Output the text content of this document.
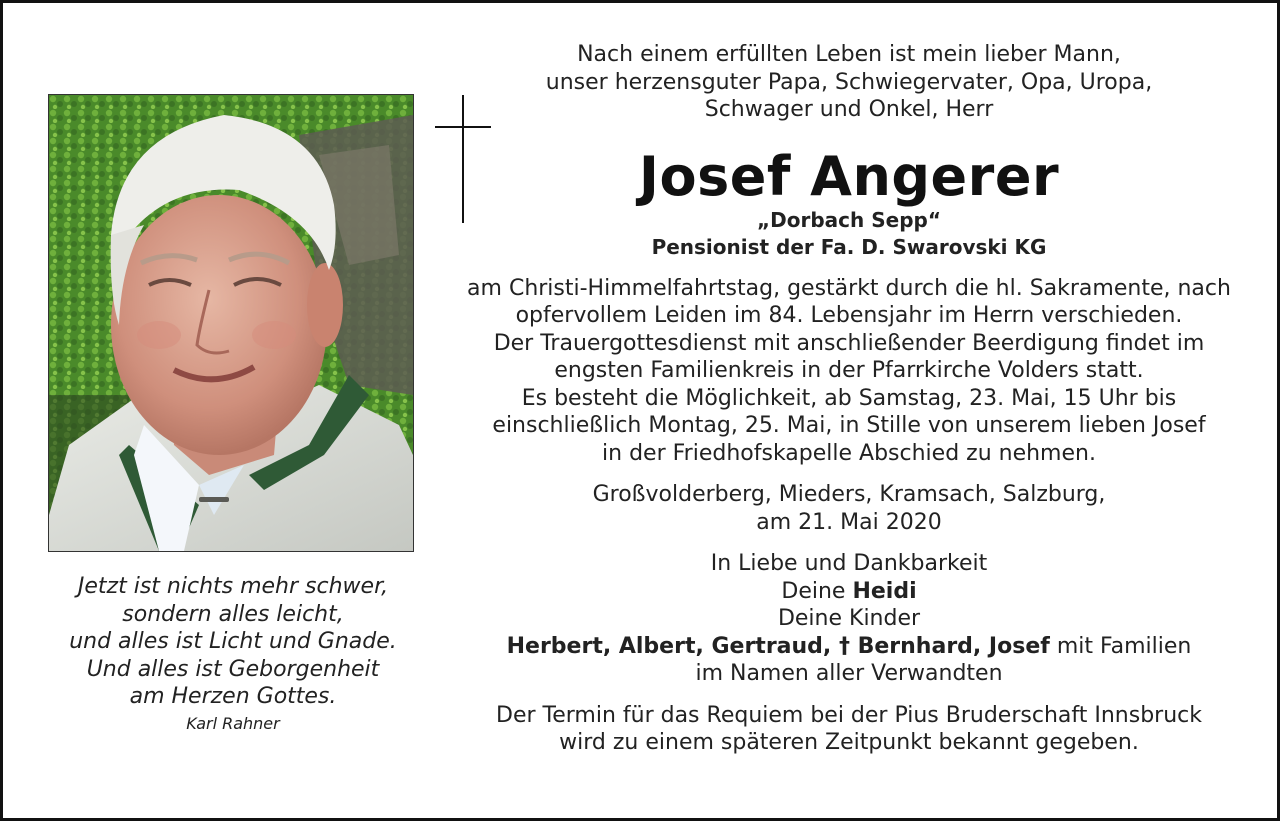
Jetzt ist nichts mehr schwer,
sondern alles leicht,
und alles ist Licht und Gnade.
Und alles ist Geborgenheit
am Herzen Gottes.
Karl Rahner
Nach einem erfüllten Leben ist mein lieber Mann,
unser herzensguter Papa, Schwiegervater, Opa, Uropa,
Schwager und Onkel, Herr
Josef Angerer
„Dorbach Sepp“
Pensionist der Fa. D. Swarovski KG
am Christi-Himmelfahrtstag, gestärkt durch die hl. Sakramente, nach
opfervollem Leiden im 84. Lebensjahr im Herrn verschieden.
Der Trauergottesdienst mit anschließender Beerdigung findet im
engsten Familienkreis in der Pfarrkirche Volders statt.
Es besteht die Möglichkeit, ab Samstag, 23. Mai, 15 Uhr bis
einschließlich Montag, 25. Mai, in Stille von unserem lieben Josef
in der Friedhofskapelle Abschied zu nehmen.
Großvolderberg, Mieders, Kramsach, Salzburg,
am 21. Mai 2020
In Liebe und Dankbarkeit
Deine Heidi
Deine Kinder
Herbert, Albert, Gertraud, † Bernhard, Josef mit Familien
im Namen aller Verwandten
Der Termin für das Requiem bei der Pius Bruderschaft Innsbruck
wird zu einem späteren Zeitpunkt bekannt gegeben.
